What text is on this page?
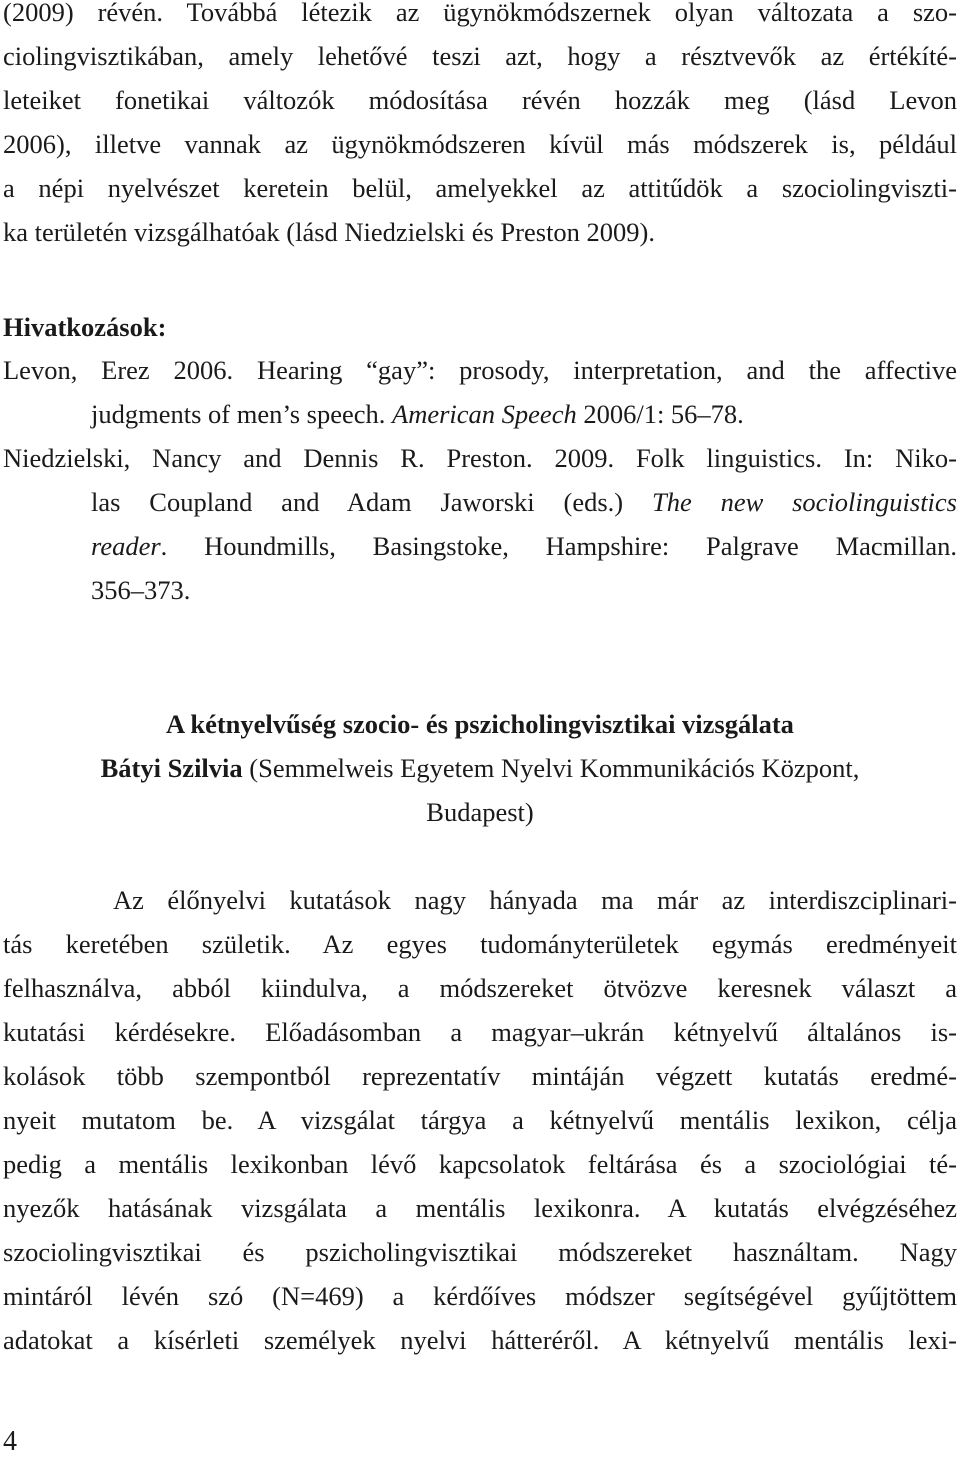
(2009) révén. Továbbá létezik az ügynökmódszernek olyan változata a szo-
ciolingvisztikában, amely lehetővé teszi azt, hogy a résztvevők az értékíté-
leteiket fonetikai változók módosítása révén hozzák meg (lásd Levon
2006), illetve vannak az ügynökmódszeren kívül más módszerek is, például
a népi nyelvészet keretein belül, amelyekkel az attitűdök a szociolingviszti-
ka területén vizsgálhatóak (lásd Niedzielski és Preston 2009).
Hivatkozások:
Levon, Erez 2006. Hearing “gay”: prosody, interpretation, and the affective
judgments of men’s speech. American Speech 2006/1: 56–78.
Niedzielski, Nancy and Dennis R. Preston. 2009. Folk linguistics. In: Niko-
las Coupland and Adam Jaworski (eds.) The new sociolinguistics
reader. Houndmills, Basingstoke, Hampshire: Palgrave Macmillan.
356–373.
A kétnyelvűség szocio- és pszicholingvisztikai vizsgálata
Bátyi Szilvia (Semmelweis Egyetem Nyelvi Kommunikációs Központ,
Budapest)
Az élőnyelvi kutatások nagy hányada ma már az interdiszciplinari-
tás keretében születik. Az egyes tudományterületek egymás eredményeit
felhasználva, abból kiindulva, a módszereket ötvözve keresnek választ a
kutatási kérdésekre. Előadásomban a magyar–ukrán kétnyelvű általános is-
kolások több szempontból reprezentatív mintáján végzett kutatás eredmé-
nyeit mutatom be. A vizsgálat tárgya a kétnyelvű mentális lexikon, célja
pedig a mentális lexikonban lévő kapcsolatok feltárása és a szociológiai té-
nyezők hatásának vizsgálata a mentális lexikonra. A kutatás elvégzéséhez
szociolingvisztikai és pszicholingvisztikai módszereket használtam. Nagy
mintáról lévén szó (N=469) a kérdőíves módszer segítségével gyűjtöttem
adatokat a kísérleti személyek nyelvi hátteréről. A kétnyelvű mentális lexi-
4
